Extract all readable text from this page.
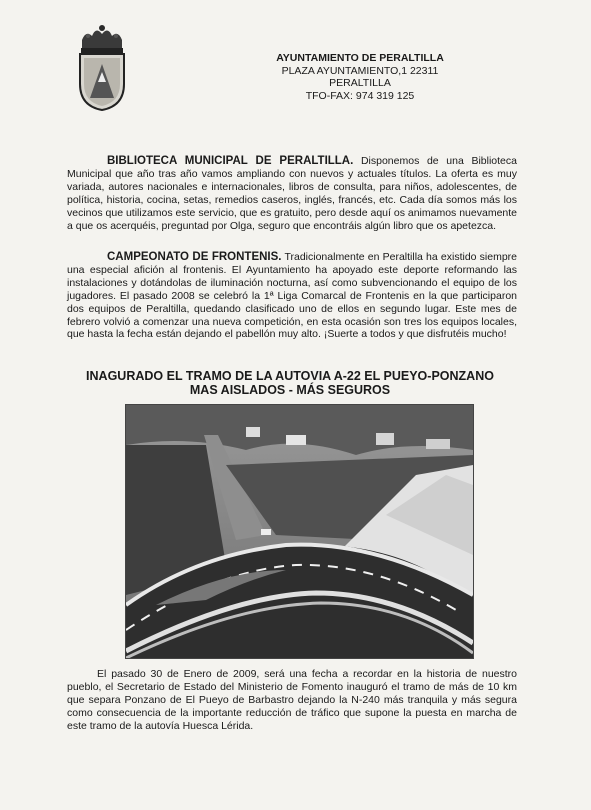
AYUNTAMIENTO DE PERALTILLA
PLAZA AYUNTAMIENTO,1 22311 PERALTILLA
TFO-FAX: 974 319 125
BIBLIOTECA MUNICIPAL DE PERALTILLA. Disponemos de una Biblioteca Municipal que año tras año vamos ampliando con nuevos y actuales títulos. La oferta es muy variada, autores nacionales e internacionales, libros de consulta, para niños, adolescentes, de política, historia, cocina, setas, remedios caseros, inglés, francés, etc. Cada día somos más los vecinos que utilizamos este servicio, que es gratuito, pero desde aquí os animamos nuevamente a que os acerquéis, preguntad por Olga, seguro que encontráis algún libro que os apetezca.
CAMPEONATO DE FRONTENIS. Tradicionalmente en Peraltilla ha existido siempre una especial afición al frontenis. El Ayuntamiento ha apoyado este deporte reformando las instalaciones y dotándolas de iluminación nocturna, así como subvencionando el equipo de los jugadores. El pasado 2008 se celebró la 1ª Liga Comarcal de Frontenis en la que participaron dos equipos de Peraltilla, quedando clasificado uno de ellos en segundo lugar. Este mes de febrero volvió a comenzar una nueva competición, en esta ocasión son tres los equipos locales, que hasta la fecha están dejando el pabellón muy alto. ¡Suerte a todos y que disfrutéis mucho!
INAGURADO EL TRAMO DE LA AUTOVIA A-22 EL PUEYO-PONZANO
MAS AISLADOS - MÁS SEGUROS

El pasado 30 de Enero de 2009, será una fecha a recordar en la historia de nuestro pueblo, el Secretario de Estado del Ministerio de Fomento inauguró el tramo de más de 10 km que separa Ponzano de El Pueyo de Barbastro dejando la N-240 más tranquila y más segura como consecuencia de la importante reducción de tráfico que supone la puesta en marcha de este tramo de la autovía Huesca Lérida.
